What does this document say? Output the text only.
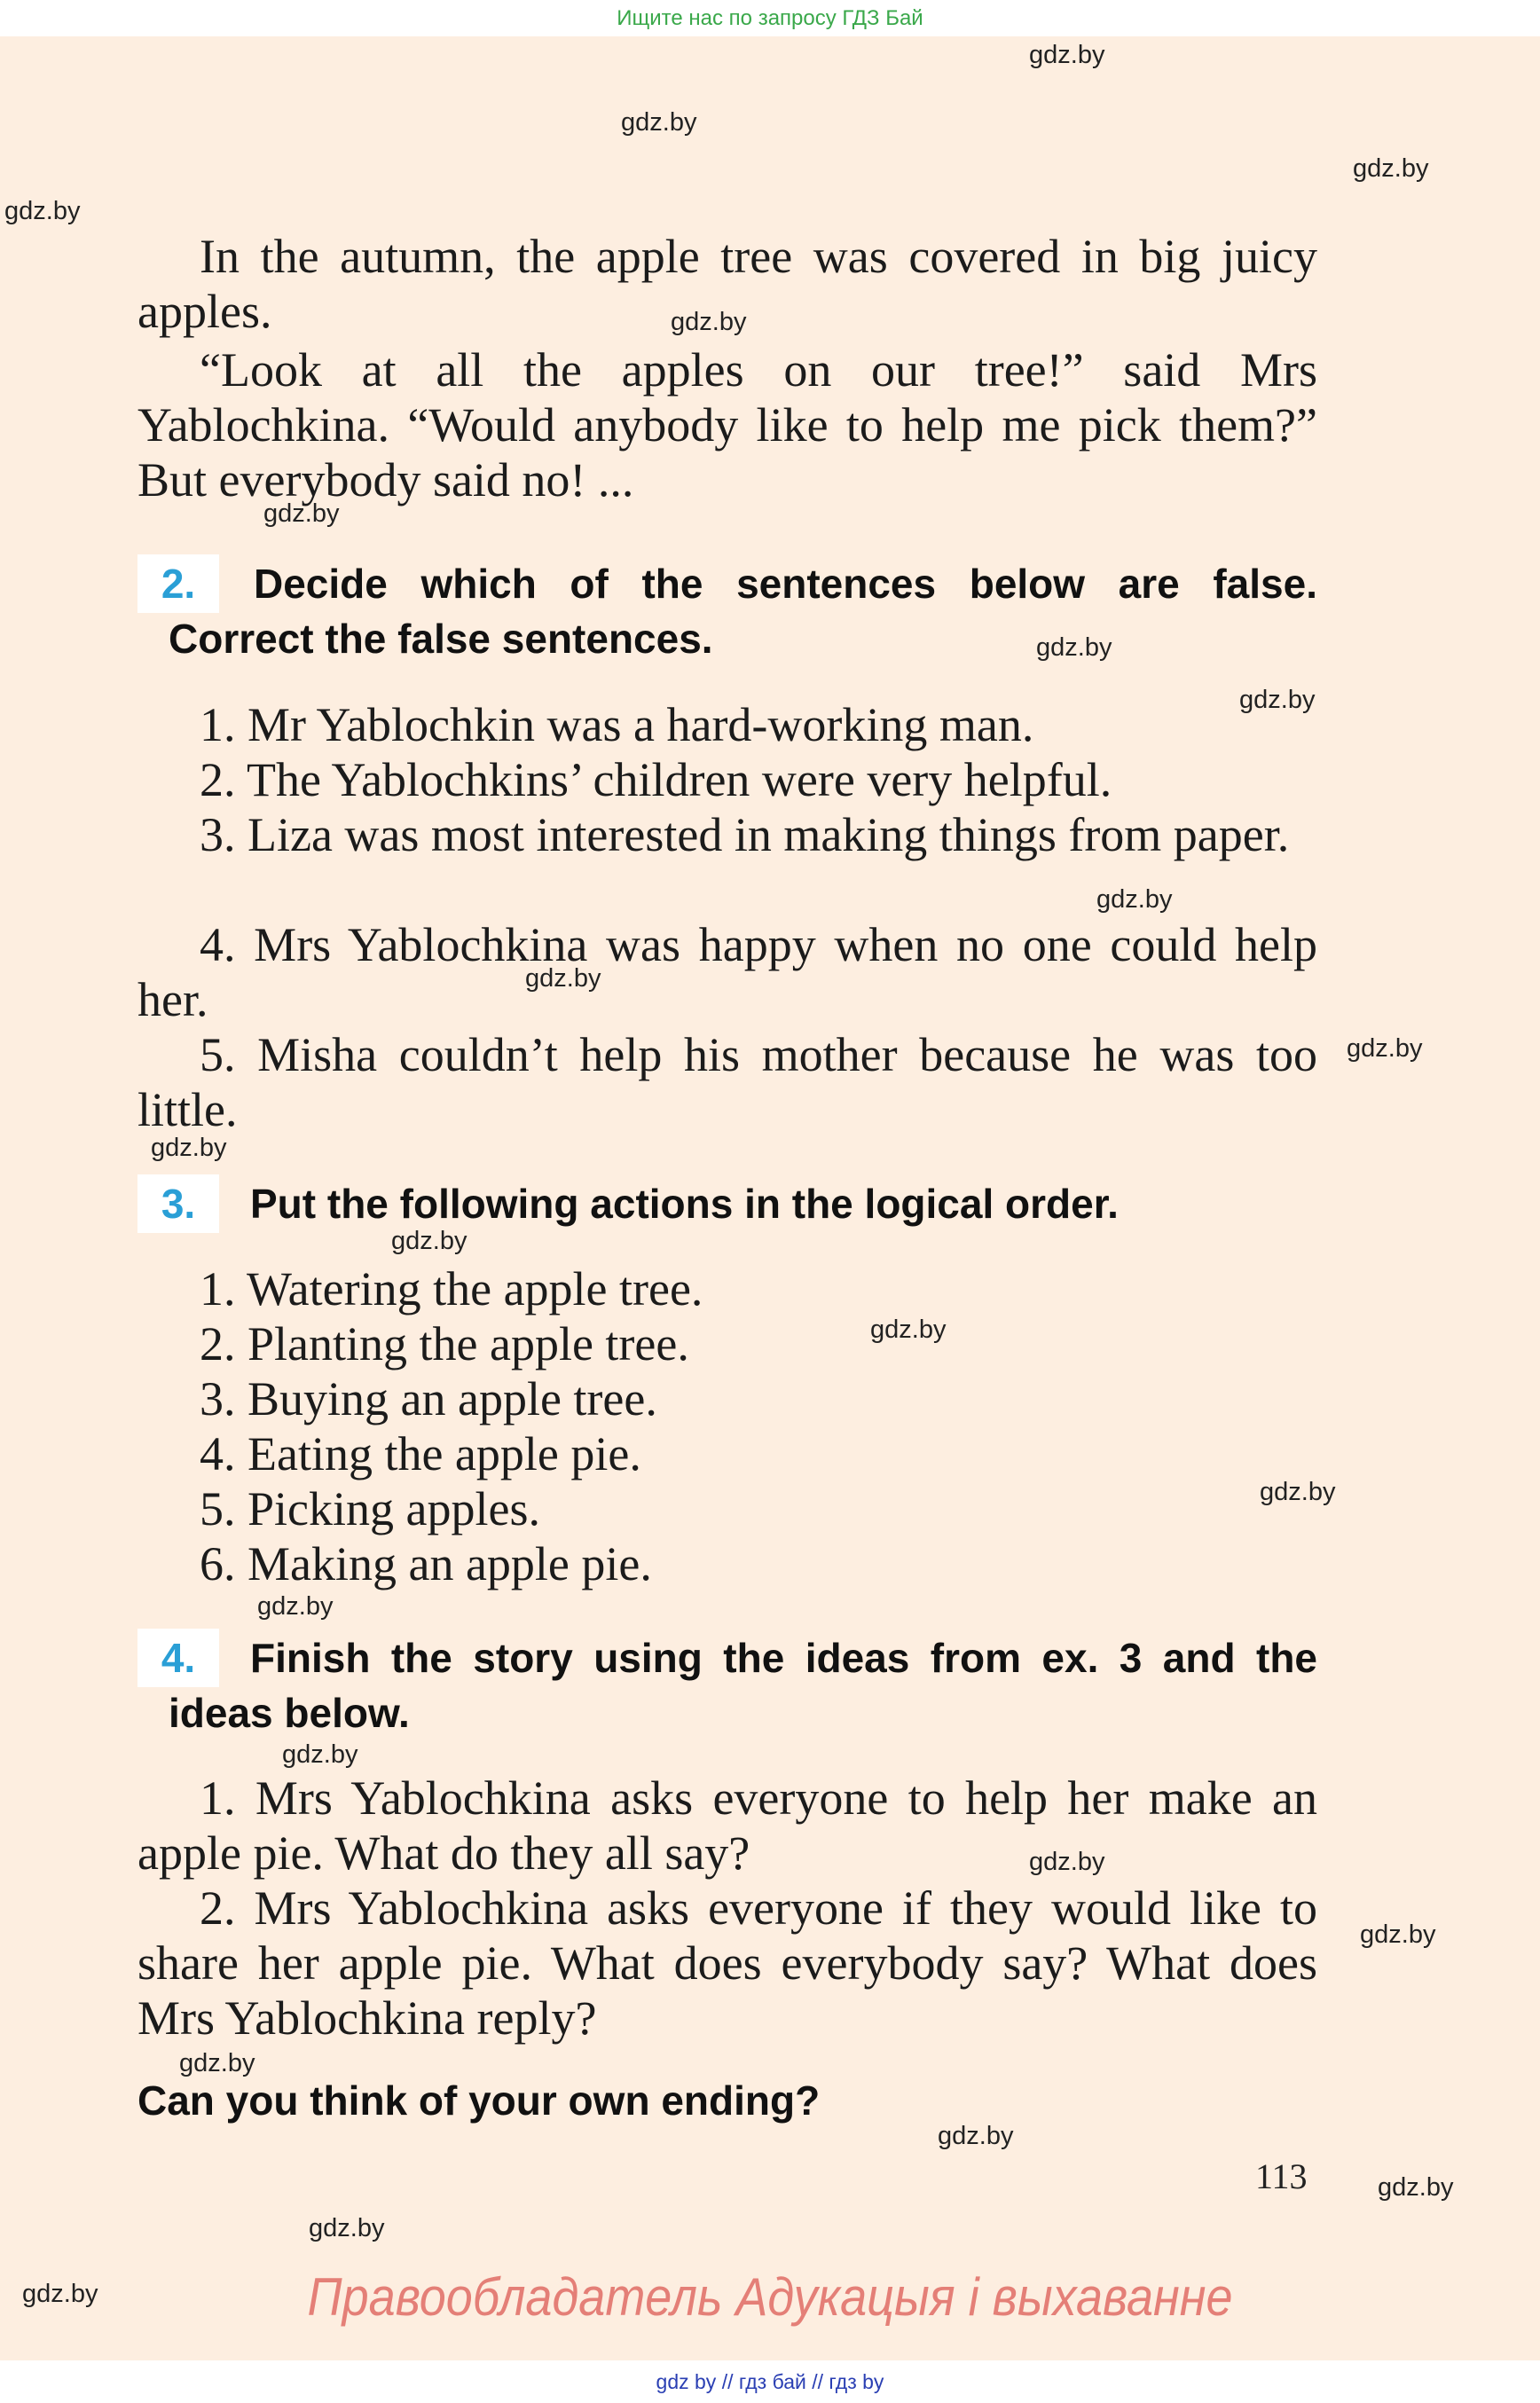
Ищите нас по запросу ГДЗ Бай
gdz.by
gdz.by
gdz.by
gdz.by
gdz.by
gdz.by
gdz.by
gdz.by
gdz.by
gdz.by
gdz.by
gdz.by
gdz.by
gdz.by
gdz.by
gdz.by
gdz.by
gdz.by
gdz.by
gdz.by
gdz.by
gdz.by
gdz.by
gdz.by
In the autumn, the apple tree was covered in big juicy apples.
“Look at all the apples on our tree!” said Mrs Yablochkina. “Would anybody like to help me pick them?” But everybody said no! ...
2.	Decide which of the sentences below are false. Correct the false sentences.
1. Mr Yablochkin was a hard-working man.
2. The Yablochkins’ children were very helpful.
3. Liza was most interested in making things from paper.
4. Mrs Yablochkina was happy when no one could help her.
5. Misha couldn’t help his mother because he was too little.
3.	Put the following actions in the logical order.
1. Watering the apple tree.
2. Planting the apple tree.
3. Buying an apple tree.
4. Eating the apple pie.
5. Picking apples.
6. Making an apple pie.
4.	Finish the story using the ideas from ex. 3 and the ideas below.
1. Mrs Yablochkina asks everyone to help her make an apple pie. What do they all say?
2. Mrs Yablochkina asks everyone if they would like to share her apple pie. What does everybody say? What does Mrs Yablochkina reply?
Can you think of your own ending?
113
Правообладатель Адукацыя і выхаванне
gdz by // гдз бай // гдз by
